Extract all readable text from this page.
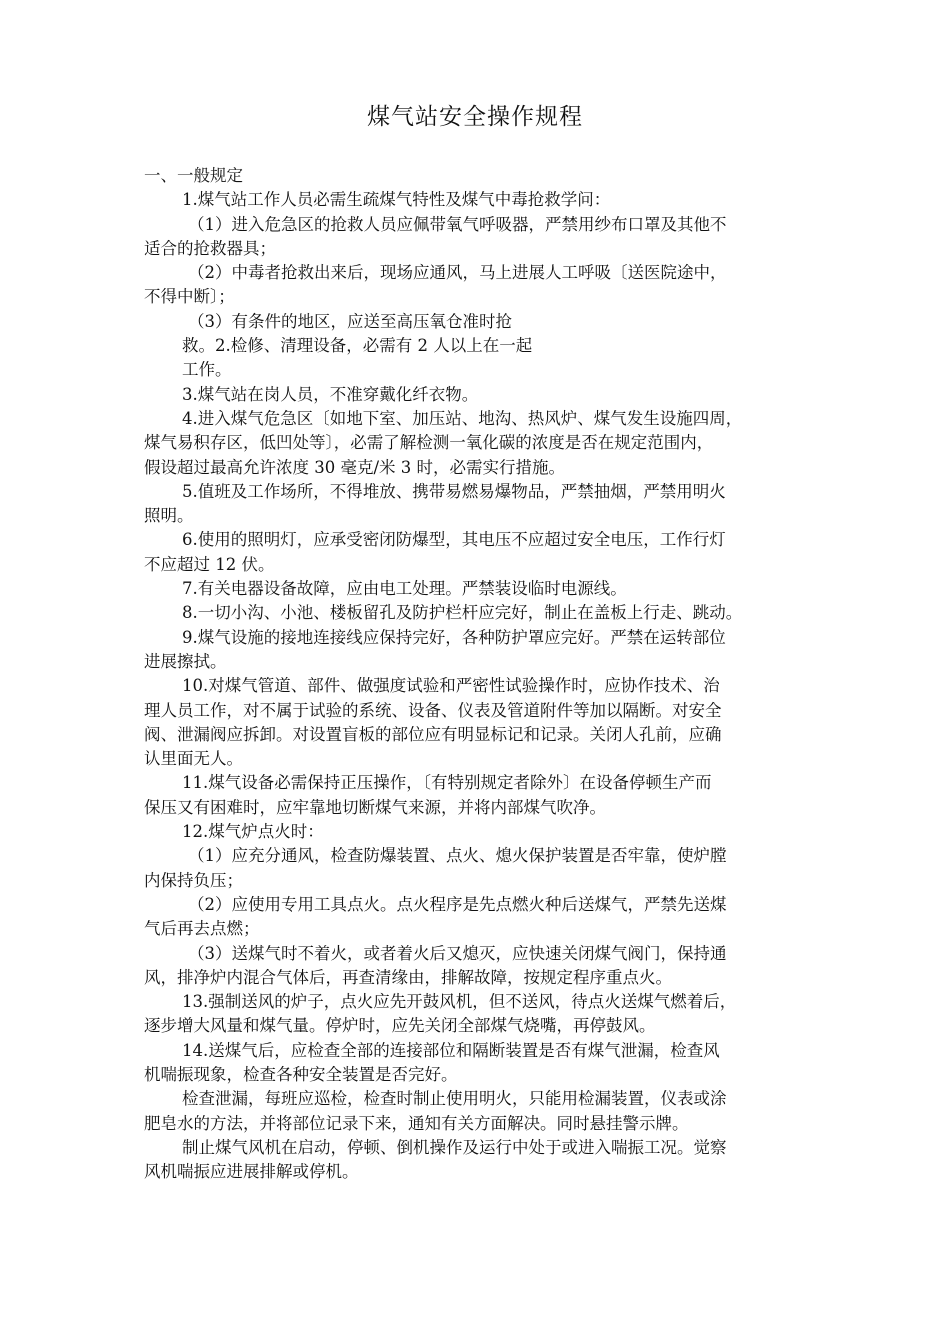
煤气站安全操作规程

一、一般规定

1.煤气站工作人员必需生疏煤气特性及煤气中毒抢救学问：

（1）进入危急区的抢救人员应佩带氧气呼吸器，严禁用纱布口罩及其他不

适合的抢救器具；

（2）中毒者抢救出来后，现场应通风，马上进展人工呼吸〔送医院途中，

不得中断〕；

（3）有条件的地区，应送至高压氧仓准时抢

救。2.检修、清理设备，必需有 2 人以上在一起

工作。

3.煤气站在岗人员，不准穿戴化纤衣物。

4.进入煤气危急区〔如地下室、加压站、地沟、热风炉、煤气发生设施四周，

煤气易积存区，低凹处等〕，必需了解检测一氧化碳的浓度是否在规定范围内，

假设超过最高允许浓度 30 毫克/米 3 时，必需实行措施。

5.值班及工作场所，不得堆放、携带易燃易爆物品，严禁抽烟，严禁用明火

照明。

6.使用的照明灯，应承受密闭防爆型，其电压不应超过安全电压，工作行灯

不应超过 12 伏。

7.有关电器设备故障，应由电工处理。严禁装设临时电源线。

8.一切小沟、小池、楼板留孔及防护栏杆应完好，制止在盖板上行走、跳动。

9.煤气设施的接地连接线应保持完好，各种防护罩应完好。严禁在运转部位

进展擦拭。

10.对煤气管道、部件、做强度试验和严密性试验操作时，应协作技术、治

理人员工作，对不属于试验的系统、设备、仪表及管道附件等加以隔断。对安全

阀、泄漏阀应拆卸。对设置盲板的部位应有明显标记和记录。关闭人孔前，应确

认里面无人。

11.煤气设备必需保持正压操作，〔有特别规定者除外〕在设备停顿生产而

保压又有困难时，应牢靠地切断煤气来源，并将内部煤气吹净。

12.煤气炉点火时：

（1）应充分通风，检查防爆装置、点火、熄火保护装置是否牢靠，使炉膛

内保持负压；

（2）应使用专用工具点火。点火程序是先点燃火种后送煤气，严禁先送煤

气后再去点燃；

（3）送煤气时不着火，或者着火后又熄灭，应快速关闭煤气阀门，保持通

风，排净炉内混合气体后，再查清缘由，排解故障，按规定程序重点火。

13.强制送风的炉子，点火应先开鼓风机，但不送风，待点火送煤气燃着后，

逐步增大风量和煤气量。停炉时，应先关闭全部煤气烧嘴，再停鼓风。

14.送煤气后，应检查全部的连接部位和隔断装置是否有煤气泄漏，检查风

机喘振现象，检查各种安全装置是否完好。

检查泄漏，每班应巡检，检查时制止使用明火，只能用检漏装置，仪表或涂

肥皂水的方法，并将部位记录下来，通知有关方面解决。同时悬挂警示牌。

制止煤气风机在启动，停顿、倒机操作及运行中处于或进入喘振工况。觉察

风机喘振应进展排解或停机。
